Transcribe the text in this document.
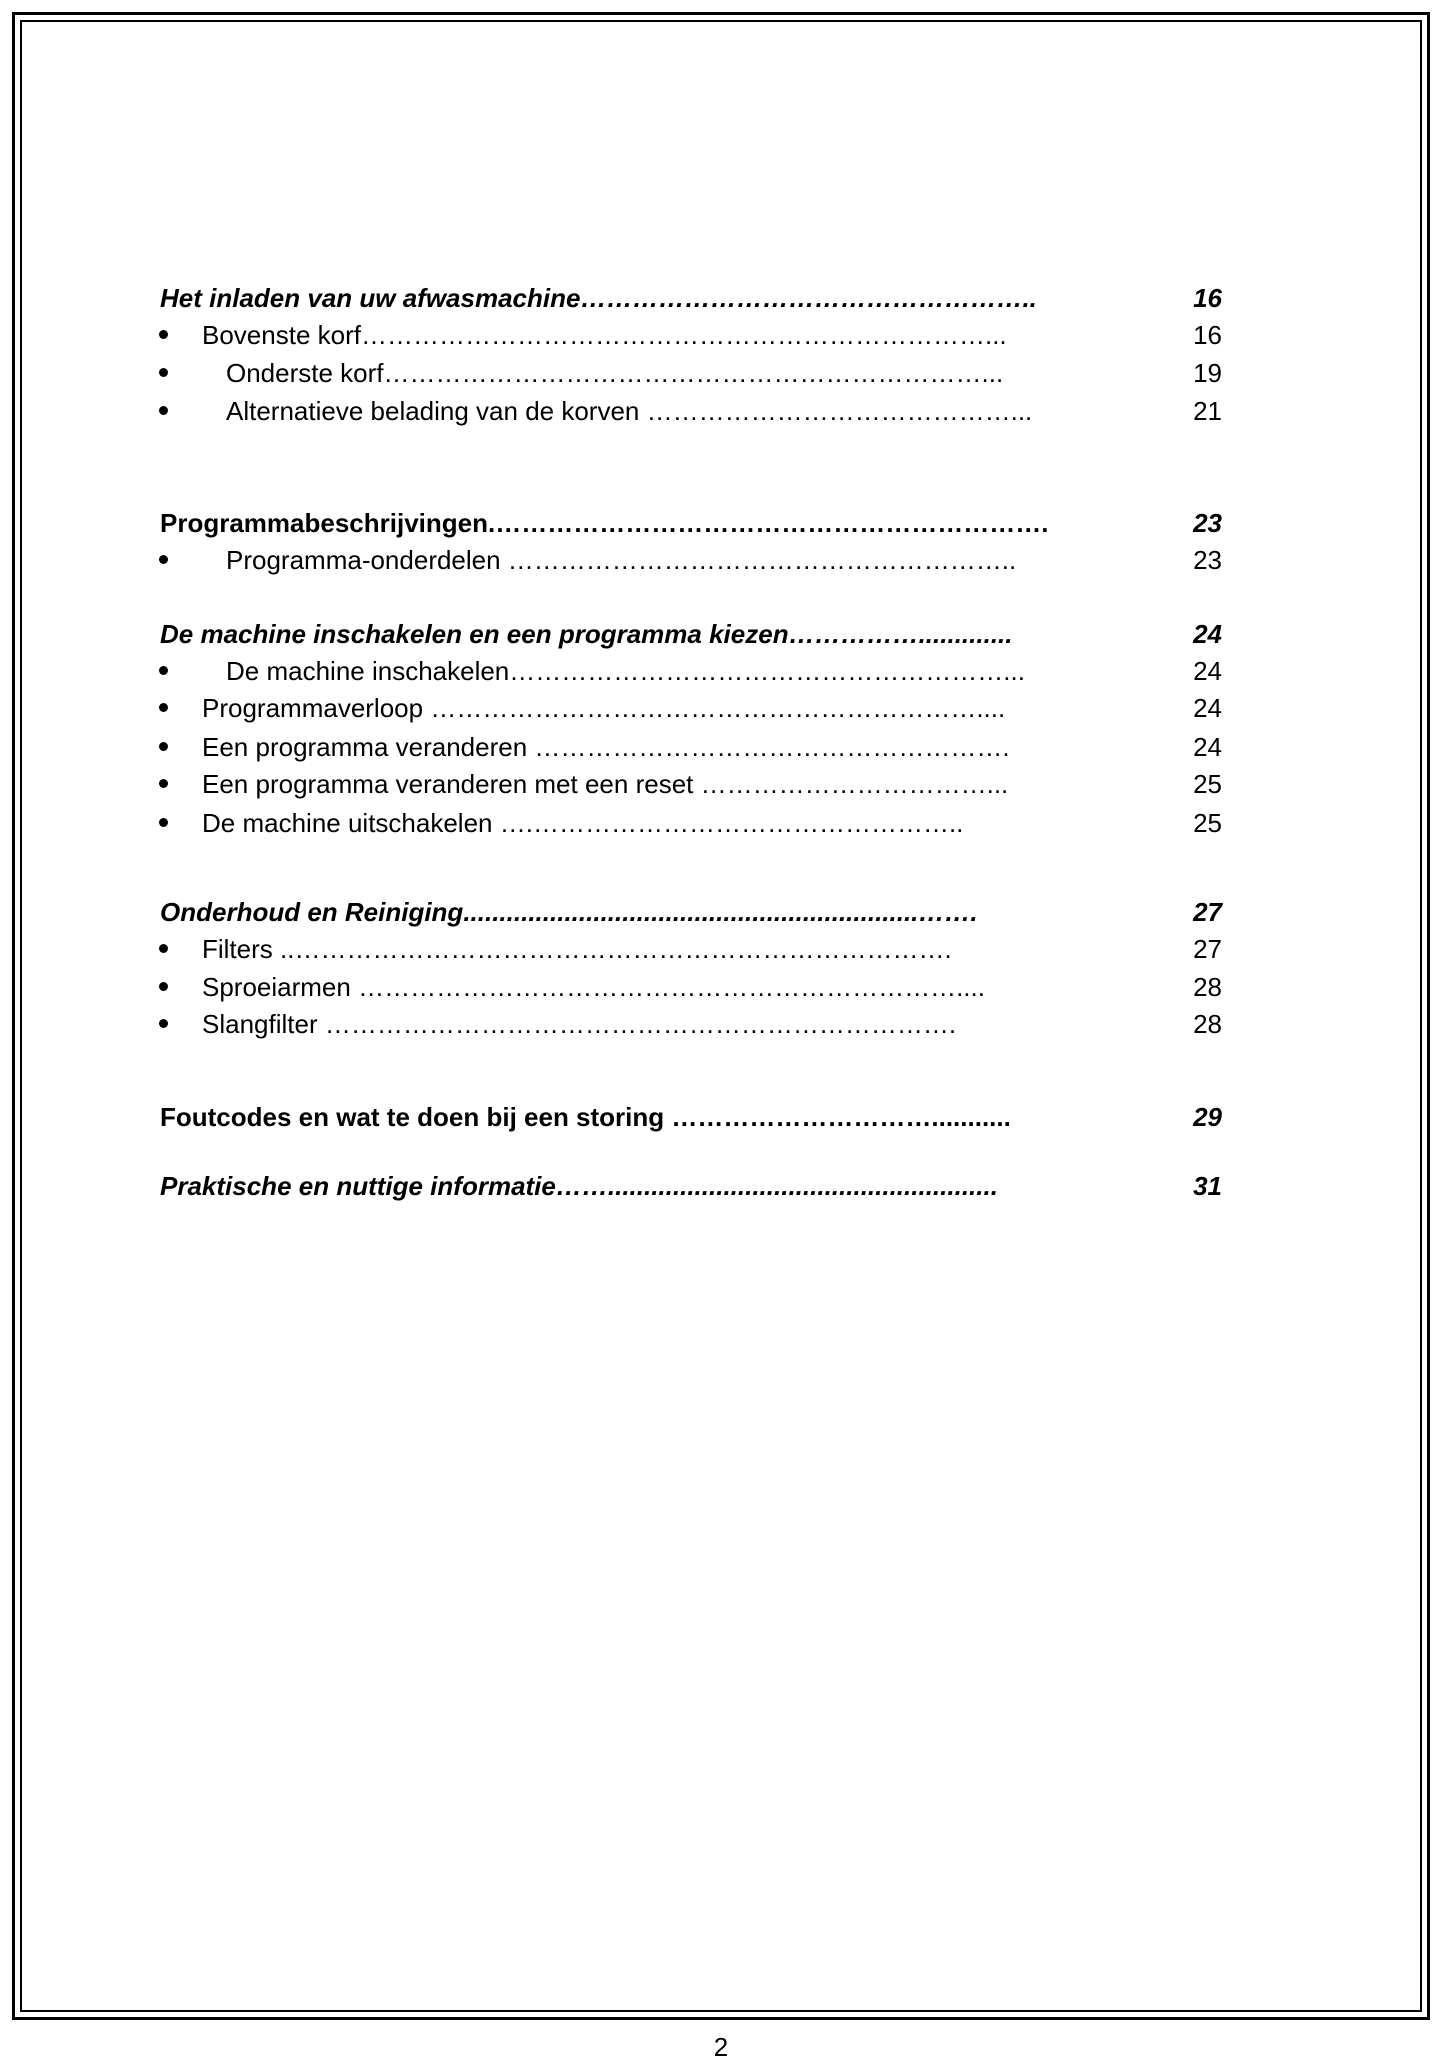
Het inladen van uw afwasmachine……………………………………………..	16
Bovenste korf………………………………………………………………...	16
Onderste korf……………………………………………………………...	19
Alternatieve belading van de korven ……………………………………...	21
Programmabeschrijvingen.……………………………………………………….	23
Programma-onderdelen …………………………………………………..	23
De machine inschakelen en een programma kiezen…………….............	24
De machine inschakelen…………………………………………………...	24
Programmaverloop ………………………………………………………....	24
Een programma veranderen ……………………………………………….	24
Een programma veranderen met een reset ……………………………...	25
De machine uitschakelen ….…………………………………………..	25
Onderhoud en Reiniging...............................................................…….	27
Filters ..………………………………………………………………….	27
Sproeiarmen ……………………………………………………………....	28
Slangfilter ……………………………………………………………….	28
Foutcodes en wat te doen bij een storing …………………………...........	29
Praktische en nuttige informatie……......................................................	31
2
